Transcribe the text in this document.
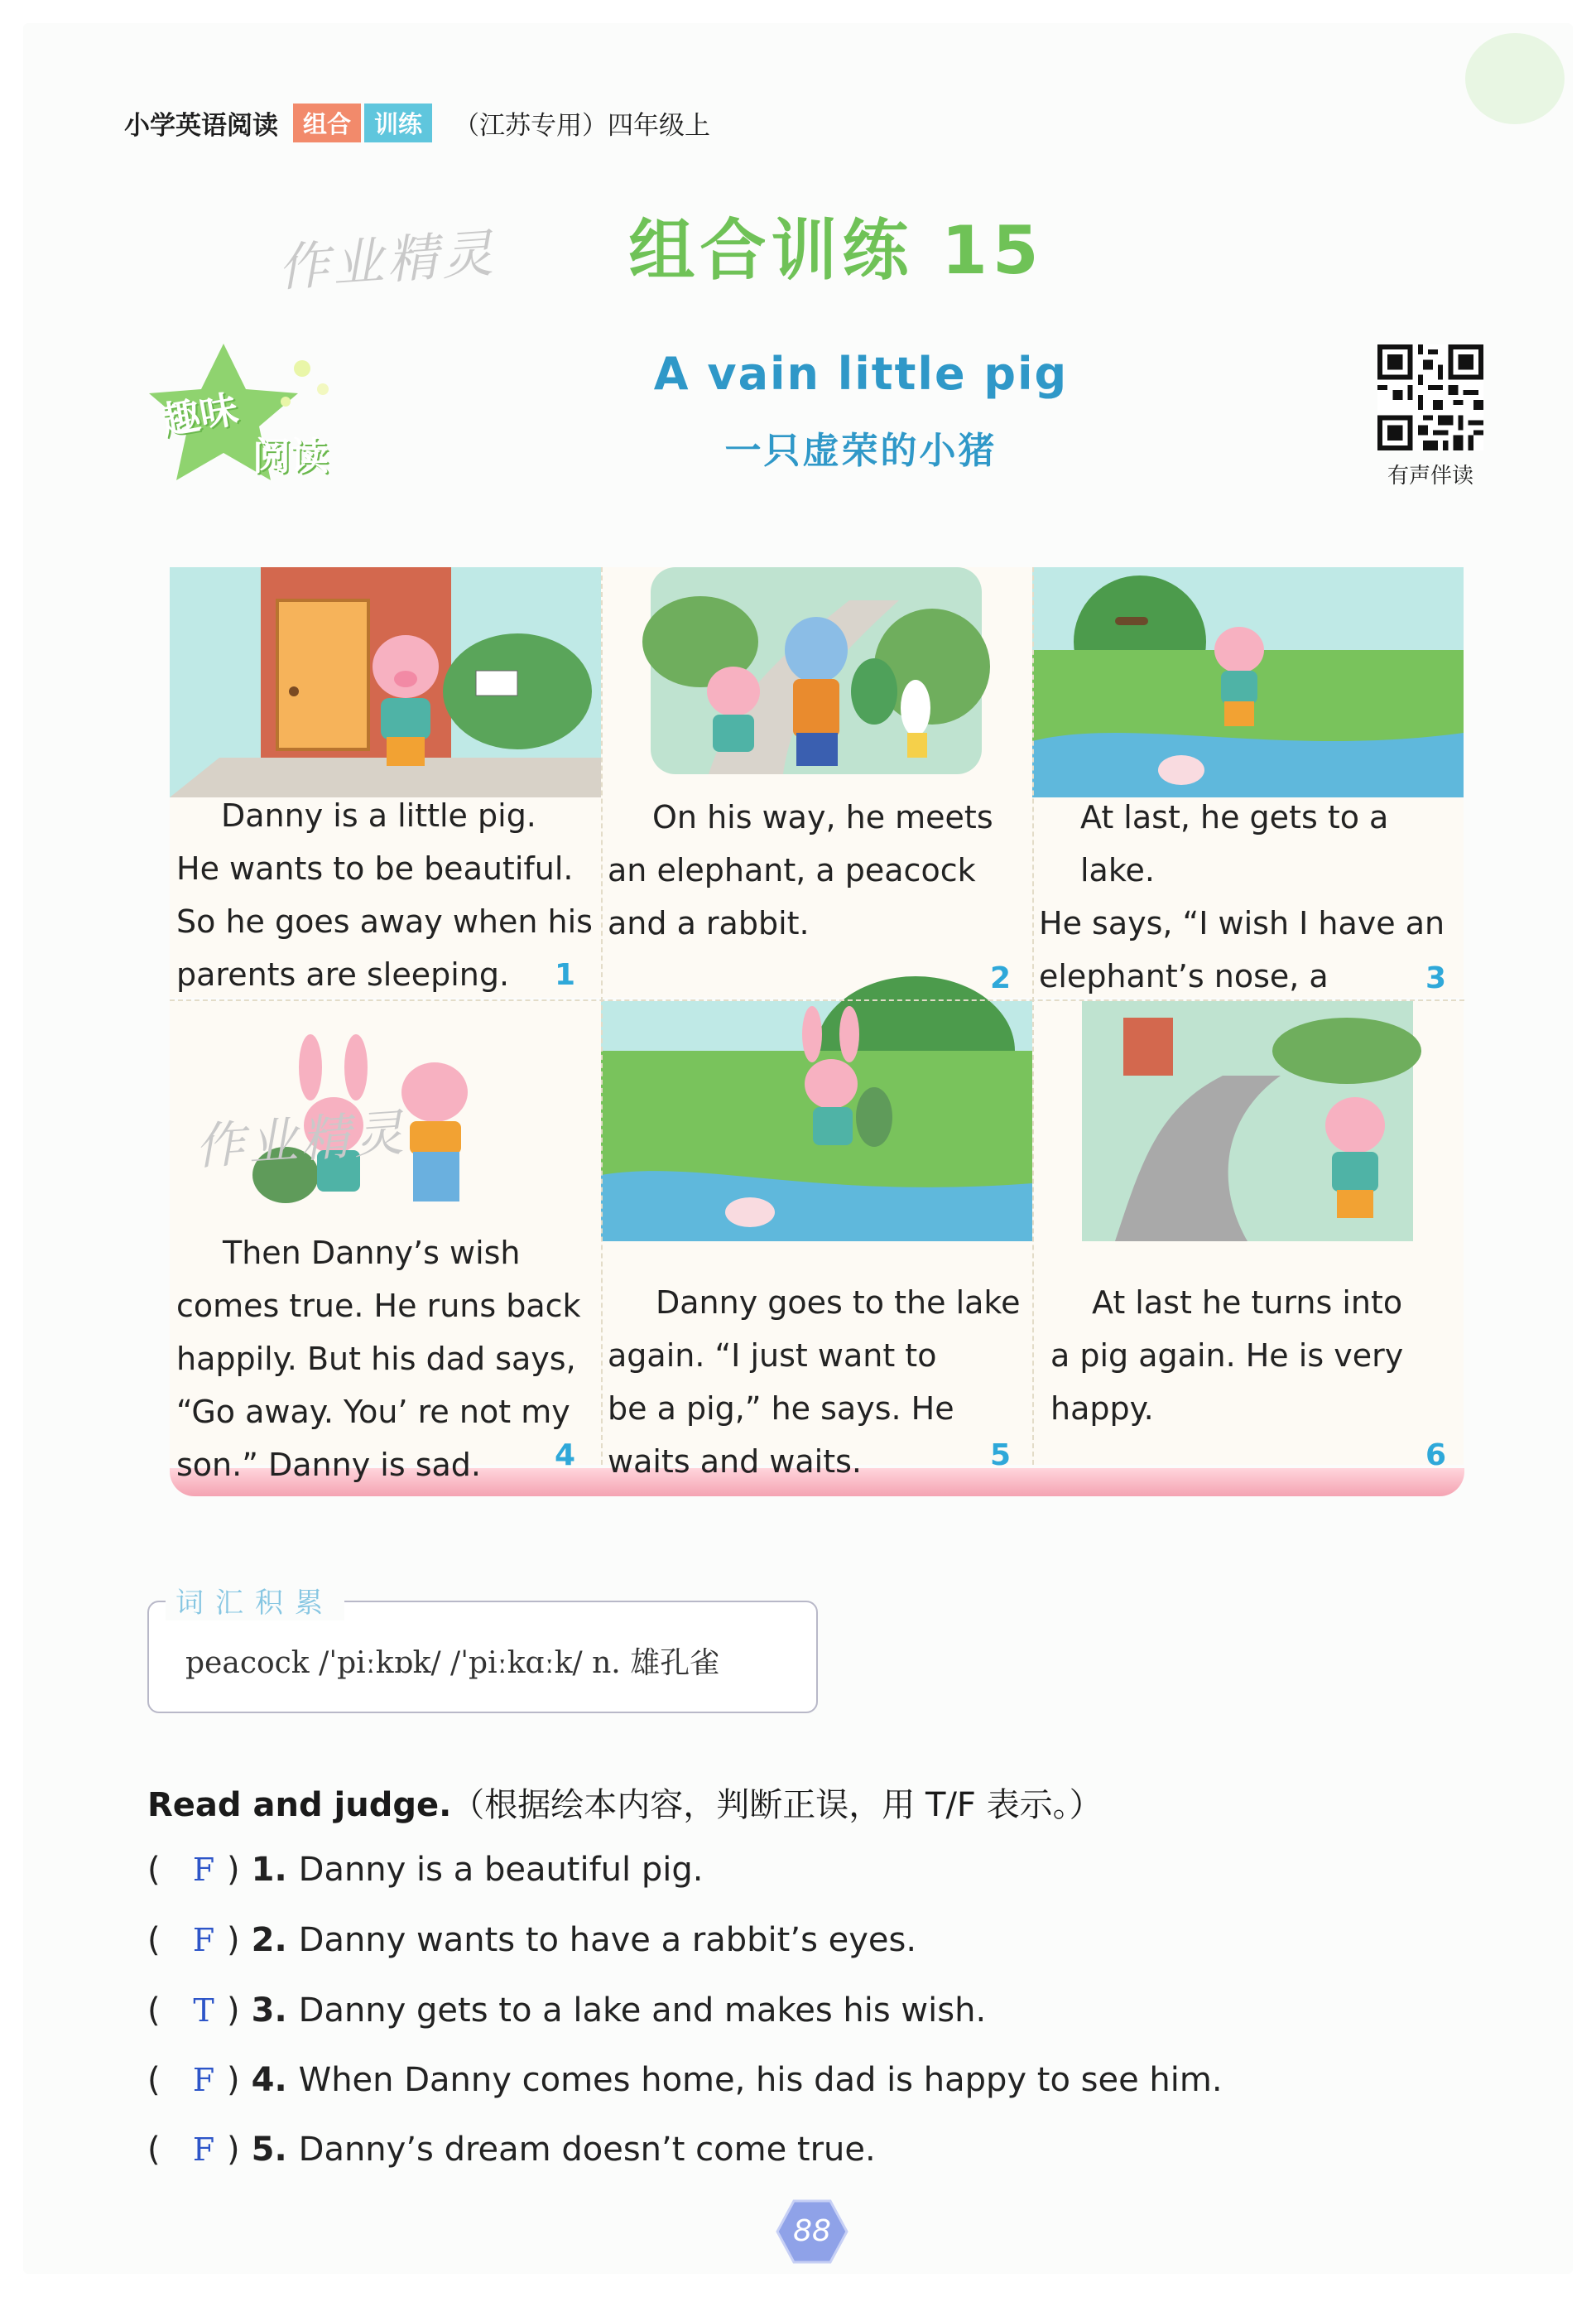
小学英语阅读	组合 训练	（江苏专用）四年级上
作业精灵	组合训练 15
趣味
阅读
A vain little pig
一只虚荣的小猪
有声伴读
Danny is a little pig.
He wants to be beautiful.
So he goes away when his
parents are sleeping.	1
On his way, he meets
an elephant, a peacock
and a rabbit.
2
At last, he gets to a lake.
He says, “I wish I have an
elephant’s nose, a	3
作业精灵
Then Danny’s wish
comes true. He runs back
happily. But his dad says,
“Go away. You’ re not my
son.” Danny is sad.	4
Danny goes to the lake
again. “I just want to
be a pig,” he says. He
waits and waits.	5
At last he turns into
a pig again. He is very
happy.
6
词汇积累
peacock /ˈpiːkɒk/ /ˈpiːkɑːk/ n. 雄孔雀
Read and judge.（根据绘本内容，判断正误，用 T/F 表示。）
(	F ) 1. Danny is a beautiful pig.
(	F ) 2. Danny wants to have a rabbit’s eyes.
(	T ) 3. Danny gets to a lake and makes his wish.
(	F ) 4. When Danny comes home, his dad is happy to see him.
(	F ) 5. Danny’s dream doesn’t come true.
88
